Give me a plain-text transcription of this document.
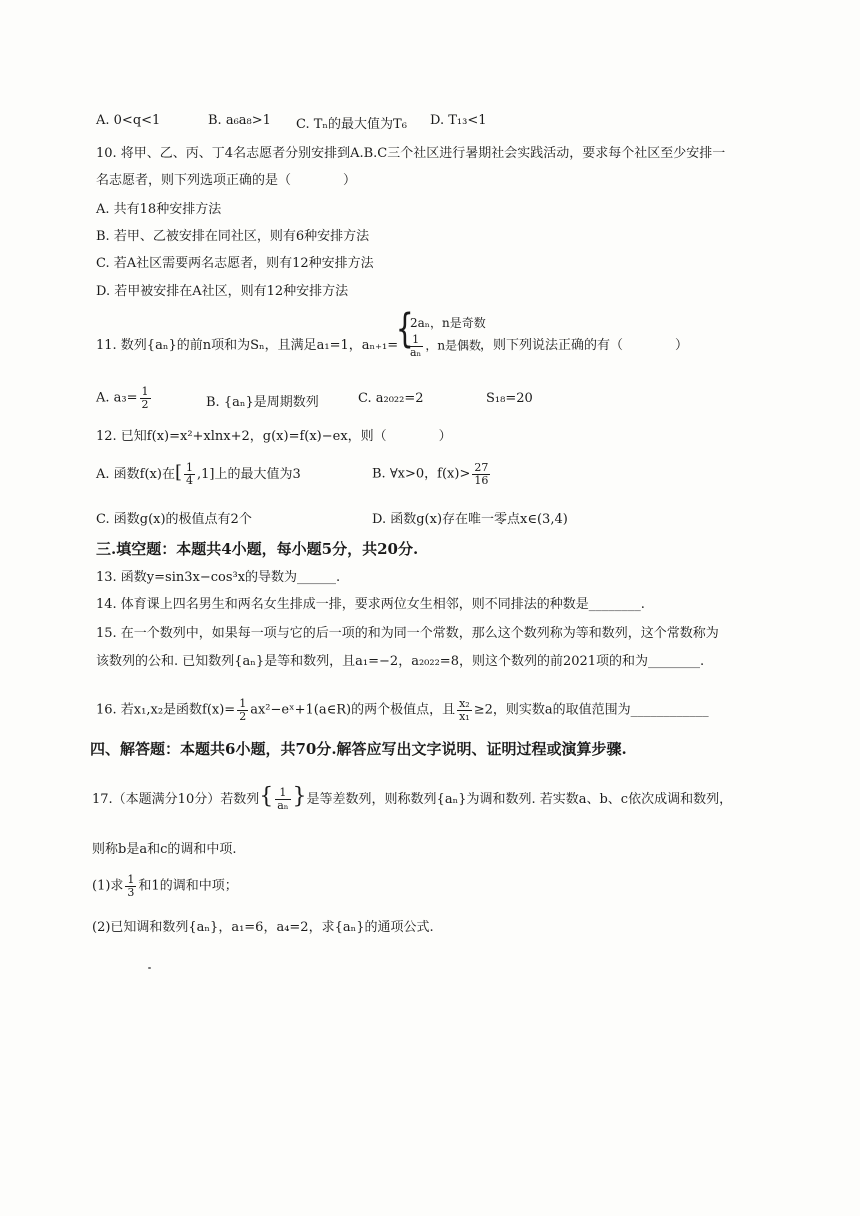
A. 0<q<1	B. a₆a₈>1 C. Tₙ的最大值为T₆ D. T₁₃<1
10. 将甲、乙、丙、丁4名志愿者分别安排到A.B.C三个社区进行暑期社会实践活动，要求每个社区至少安排一
名志愿者，则下列选项正确的是（　　　　）
A. 共有18种安排方法
B. 若甲、乙被安排在同社区，则有6种安排方法
C. 若A社区需要两名志愿者，则有12种安排方法
D. 若甲被安排在A社区，则有12种安排方法
11. 数列{aₙ}的前n项和为Sₙ，且满足a₁=1，aₙ₊₁=
{
2aₙ，n是奇数
$\frac{1}{\text{aₙ}}$ ，n是偶数
，则下列说法正确的有（　　　　）
A. $a_3= \frac{1}{2}$	B. {aₙ}是周期数列	C. a₂₀₂₂=2	S₁₈=20
12. 已知f(x)=x²+xlnx+2，g(x)=f(x)−ex，则（　　　　）
A. 函数f(x)在[ $\frac{1}{4} ,1$]上的最大值为3	B. ∀x>0，$f(x)> \frac{27}{16}$
C. 函数g(x)的极值点有2个	D. 函数g(x)存在唯一零点x∈(3,4)
三.填空题：本题共4小题，每小题5分，共20分.
13. 函数y=sin3x−cos³x的导数为______.
14. 体育课上四名男生和两名女生排成一排，要求两位女生相邻，则不同排法的种数是________.
15. 在一个数列中，如果每一项与它的后一项的和为同一个常数，那么这个数列称为等和数列，这个常数称为
该数列的公和. 已知数列{aₙ}是等和数列，且a₁=−2，a₂₀₂₂=8，则这个数列的前2021项的和为________.
16. 若x₁,x₂是函数$f(x)= \frac{1}{2}$ ax²−eˣ+1(a∈R)的两个极值点，且 $\frac{\text{x₂}}{\text{x₁}} \ge 2$，则实数a的取值范围为____________
四、解答题：本题共6小题，共70分.解答应写出文字说明、证明过程或演算步骤.
17.（本题满分10分）若数列{ $\frac{1}{\text{aₙ}}$ }是等差数列，则称数列{aₙ}为调和数列. 若实数a、b、c依次成调和数列，
则称b是a和c的调和中项.
(1)求 $\frac{1}{3}$ 和1的调和中项；
(2)已知调和数列{aₙ}，a₁=6，a₄=2，求{aₙ}的通项公式.
